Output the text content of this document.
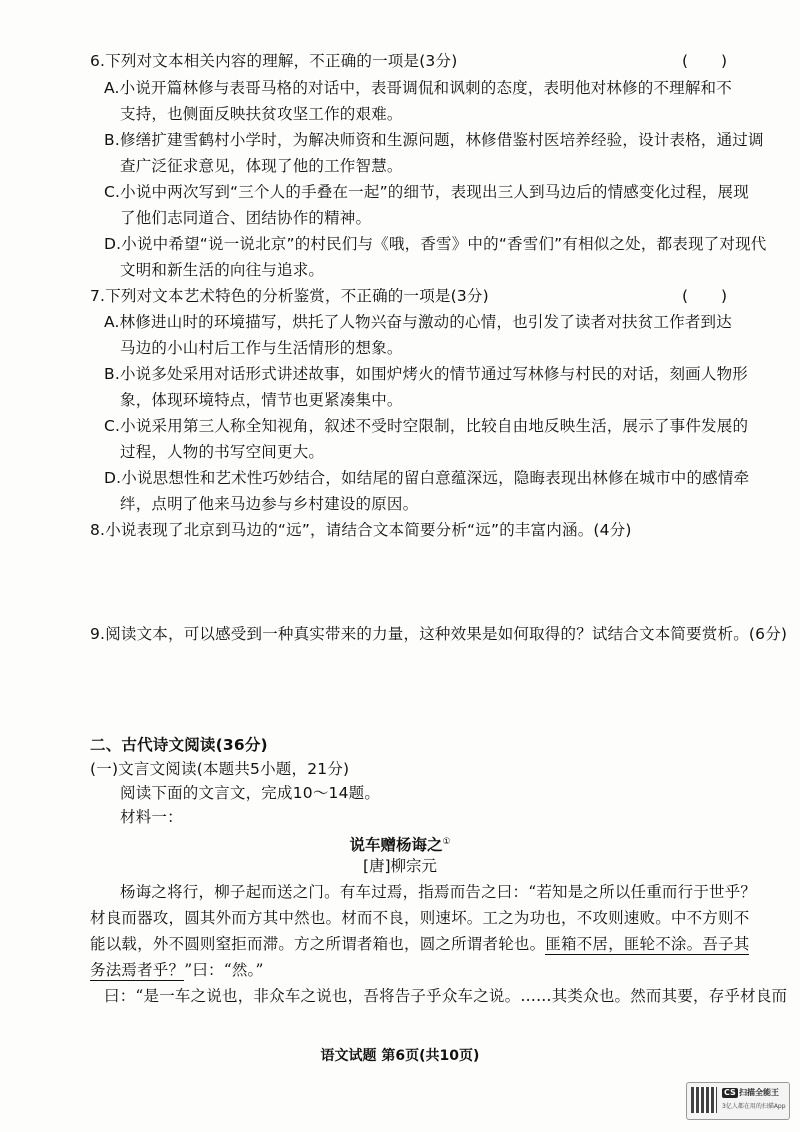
6.下列对文本相关内容的理解，不正确的一项是(3分)	( )
A.小说开篇林修与表哥马格的对话中，表哥调侃和讽刺的态度，表明他对林修的不理解和不
支持，也侧面反映扶贫攻坚工作的艰难。
B.修缮扩建雪鹤村小学时，为解决师资和生源问题，林修借鉴村医培养经验，设计表格，通过调
查广泛征求意见，体现了他的工作智慧。
C.小说中两次写到“三个人的手叠在一起”的细节，表现出三人到马边后的情感变化过程，展现
了他们志同道合、团结协作的精神。
D.小说中希望“说一说北京”的村民们与《哦，香雪》中的“香雪们”有相似之处，都表现了对现代
文明和新生活的向往与追求。
7.下列对文本艺术特色的分析鉴赏，不正确的一项是(3分)	( )
A.林修进山时的环境描写，烘托了人物兴奋与激动的心情，也引发了读者对扶贫工作者到达
马边的小山村后工作与生活情形的想象。
B.小说多处采用对话形式讲述故事，如围炉烤火的情节通过写林修与村民的对话，刻画人物形
象，体现环境特点，情节也更紧凑集中。
C.小说采用第三人称全知视角，叙述不受时空限制，比较自由地反映生活，展示了事件发展的
过程，人物的书写空间更大。
D.小说思想性和艺术性巧妙结合，如结尾的留白意蕴深远，隐晦表现出林修在城市中的感情牵
绊，点明了他来马边参与乡村建设的原因。
8.小说表现了北京到马边的“远”，请结合文本简要分析“远”的丰富内涵。(4分)
9.阅读文本，可以感受到一种真实带来的力量，这种效果是如何取得的？试结合文本简要赏析。(6分)
二、古代诗文阅读(36分)
(一)文言文阅读(本题共5小题，21分)
阅读下面的文言文，完成10～14题。
材料一：
说车赠杨诲之①
[唐]柳宗元
杨诲之将行，柳子起而送之门。有车过焉，指焉而告之曰：“若知是之所以任重而行于世乎？
材良而器攻，圆其外而方其中然也。材而不良，则速坏。工之为功也，不攻则速败。中不方则不
能以载，外不圆则窒拒而滞。方之所谓者箱也，圆之所谓者轮也。匪箱不居，匪轮不涂。吾子其
务法焉者乎？”曰：“然。”
曰：“是一车之说也，非众车之说也，吾将告子乎众车之说。……其类众也。然而其要，存乎材良而
语文试题 第6页(共10页)
CS 扫描全能王
3亿人都在用的扫描App
